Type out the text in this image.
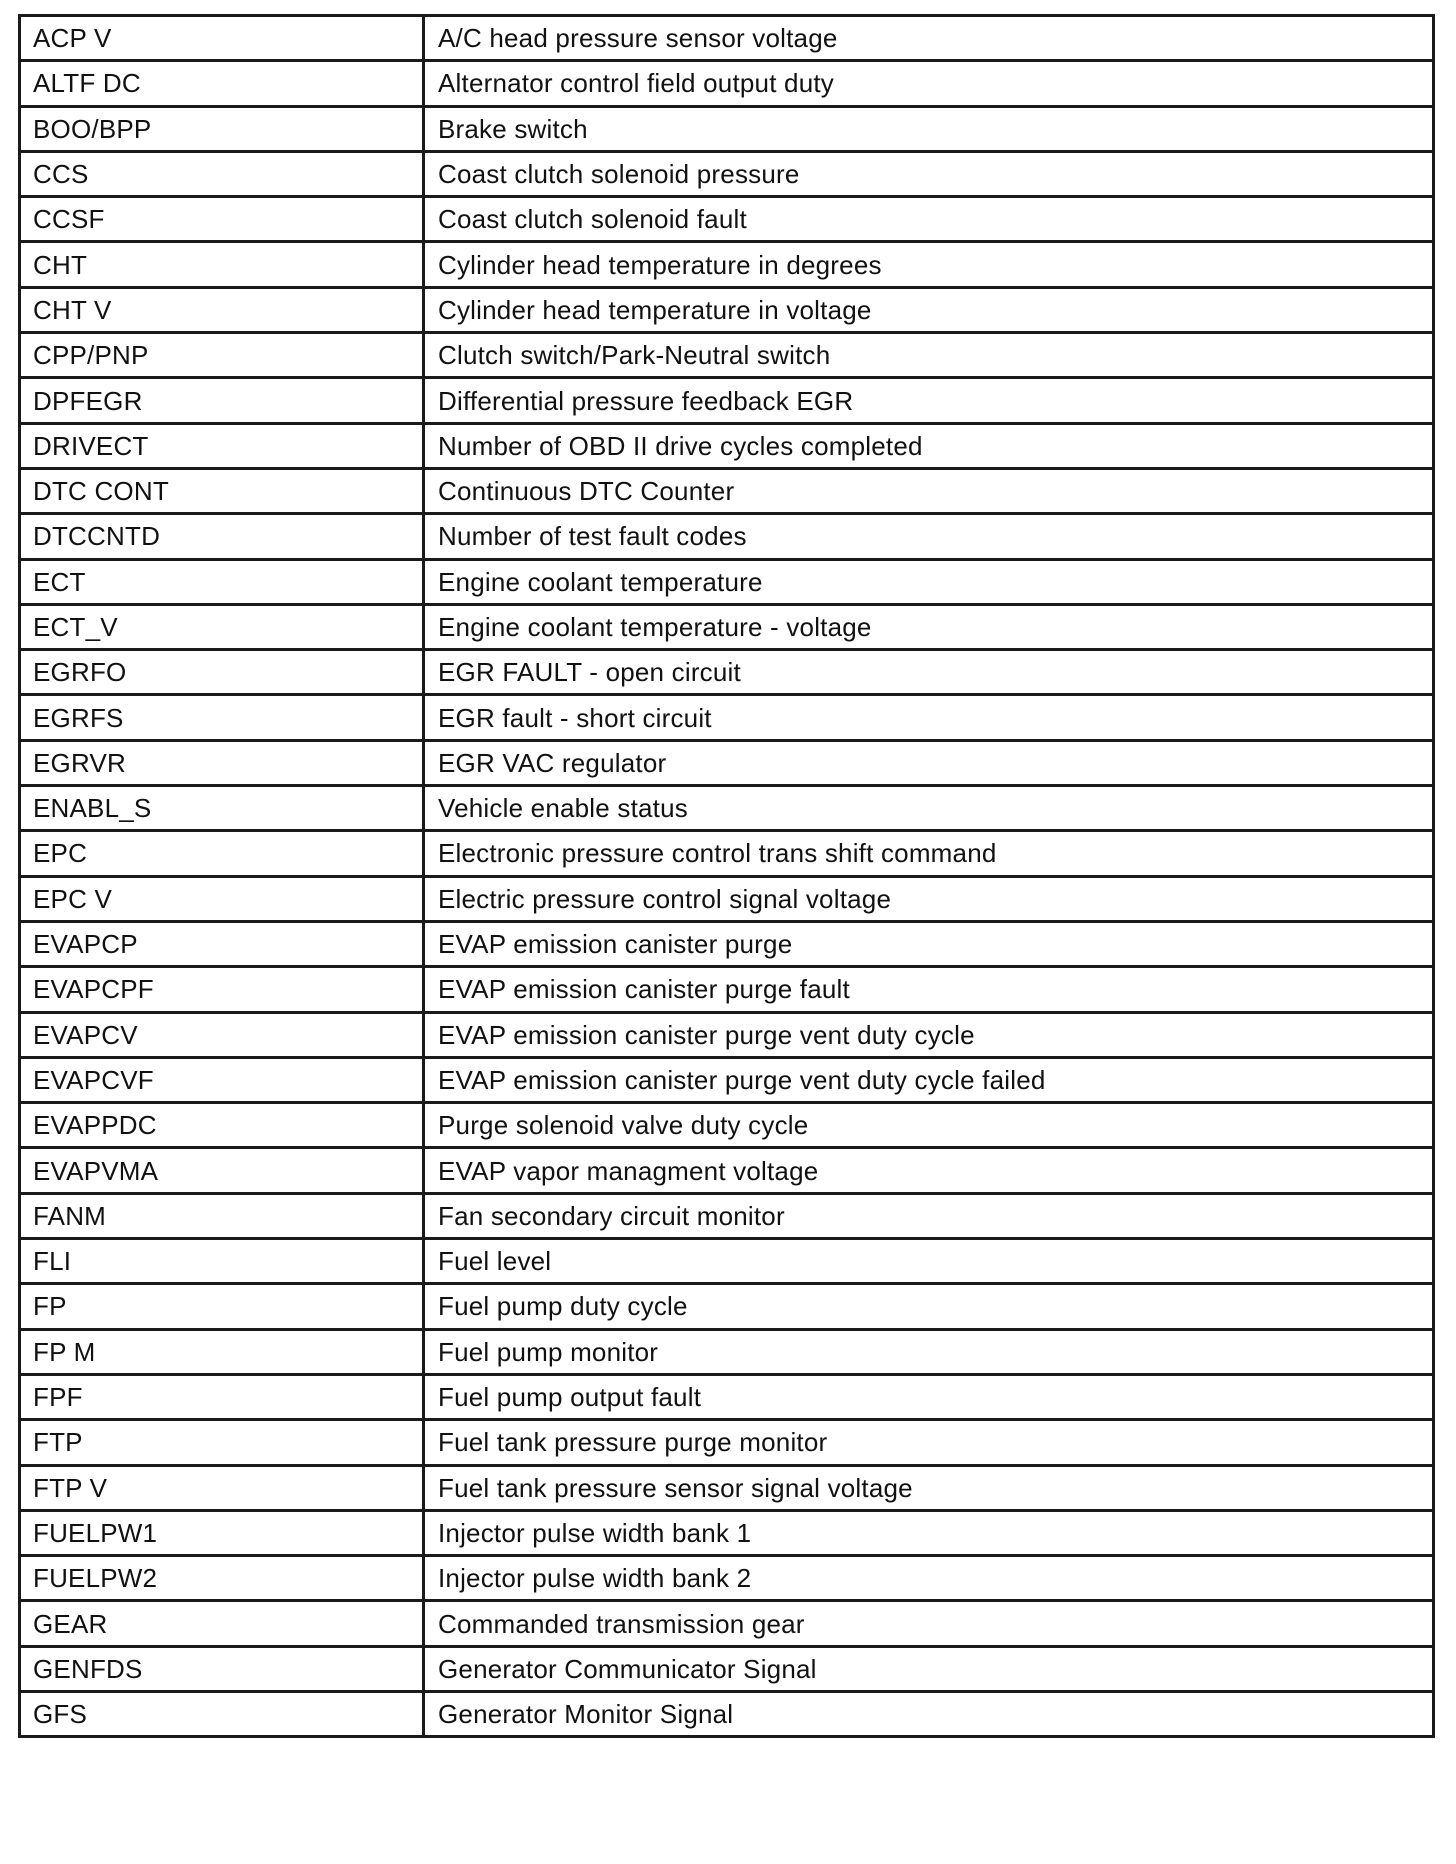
ACP V	A/C head pressure sensor voltage
ALTF DC	Alternator control field output duty
BOO/BPP	Brake switch
CCS	Coast clutch solenoid pressure
CCSF	Coast clutch solenoid fault
CHT	Cylinder head temperature in degrees
CHT V	Cylinder head temperature in voltage
CPP/PNP	Clutch switch/Park-Neutral switch
DPFEGR	Differential pressure feedback EGR
DRIVECT	Number of OBD II drive cycles completed
DTC CONT	Continuous DTC Counter
DTCCNTD	Number of test fault codes
ECT	Engine coolant temperature
ECT_V	Engine coolant temperature - voltage
EGRFO	EGR FAULT - open circuit
EGRFS	EGR fault - short circuit
EGRVR	EGR VAC regulator
ENABL_S	Vehicle enable status
EPC	Electronic pressure control trans shift command
EPC V	Electric pressure control signal voltage
EVAPCP	EVAP emission canister purge
EVAPCPF	EVAP emission canister purge fault
EVAPCV	EVAP emission canister purge vent duty cycle
EVAPCVF	EVAP emission canister purge vent duty cycle failed
EVAPPDC	Purge solenoid valve duty cycle
EVAPVMA	EVAP vapor managment voltage
FANM	Fan secondary circuit monitor
FLI	Fuel level
FP	Fuel pump duty cycle
FP M	Fuel pump monitor
FPF	Fuel pump output fault
FTP	Fuel tank pressure purge monitor
FTP V	Fuel tank pressure sensor signal voltage
FUELPW1	Injector pulse width bank 1
FUELPW2	Injector pulse width bank 2
GEAR	Commanded transmission gear
GENFDS	Generator Communicator Signal
GFS	Generator Monitor Signal
